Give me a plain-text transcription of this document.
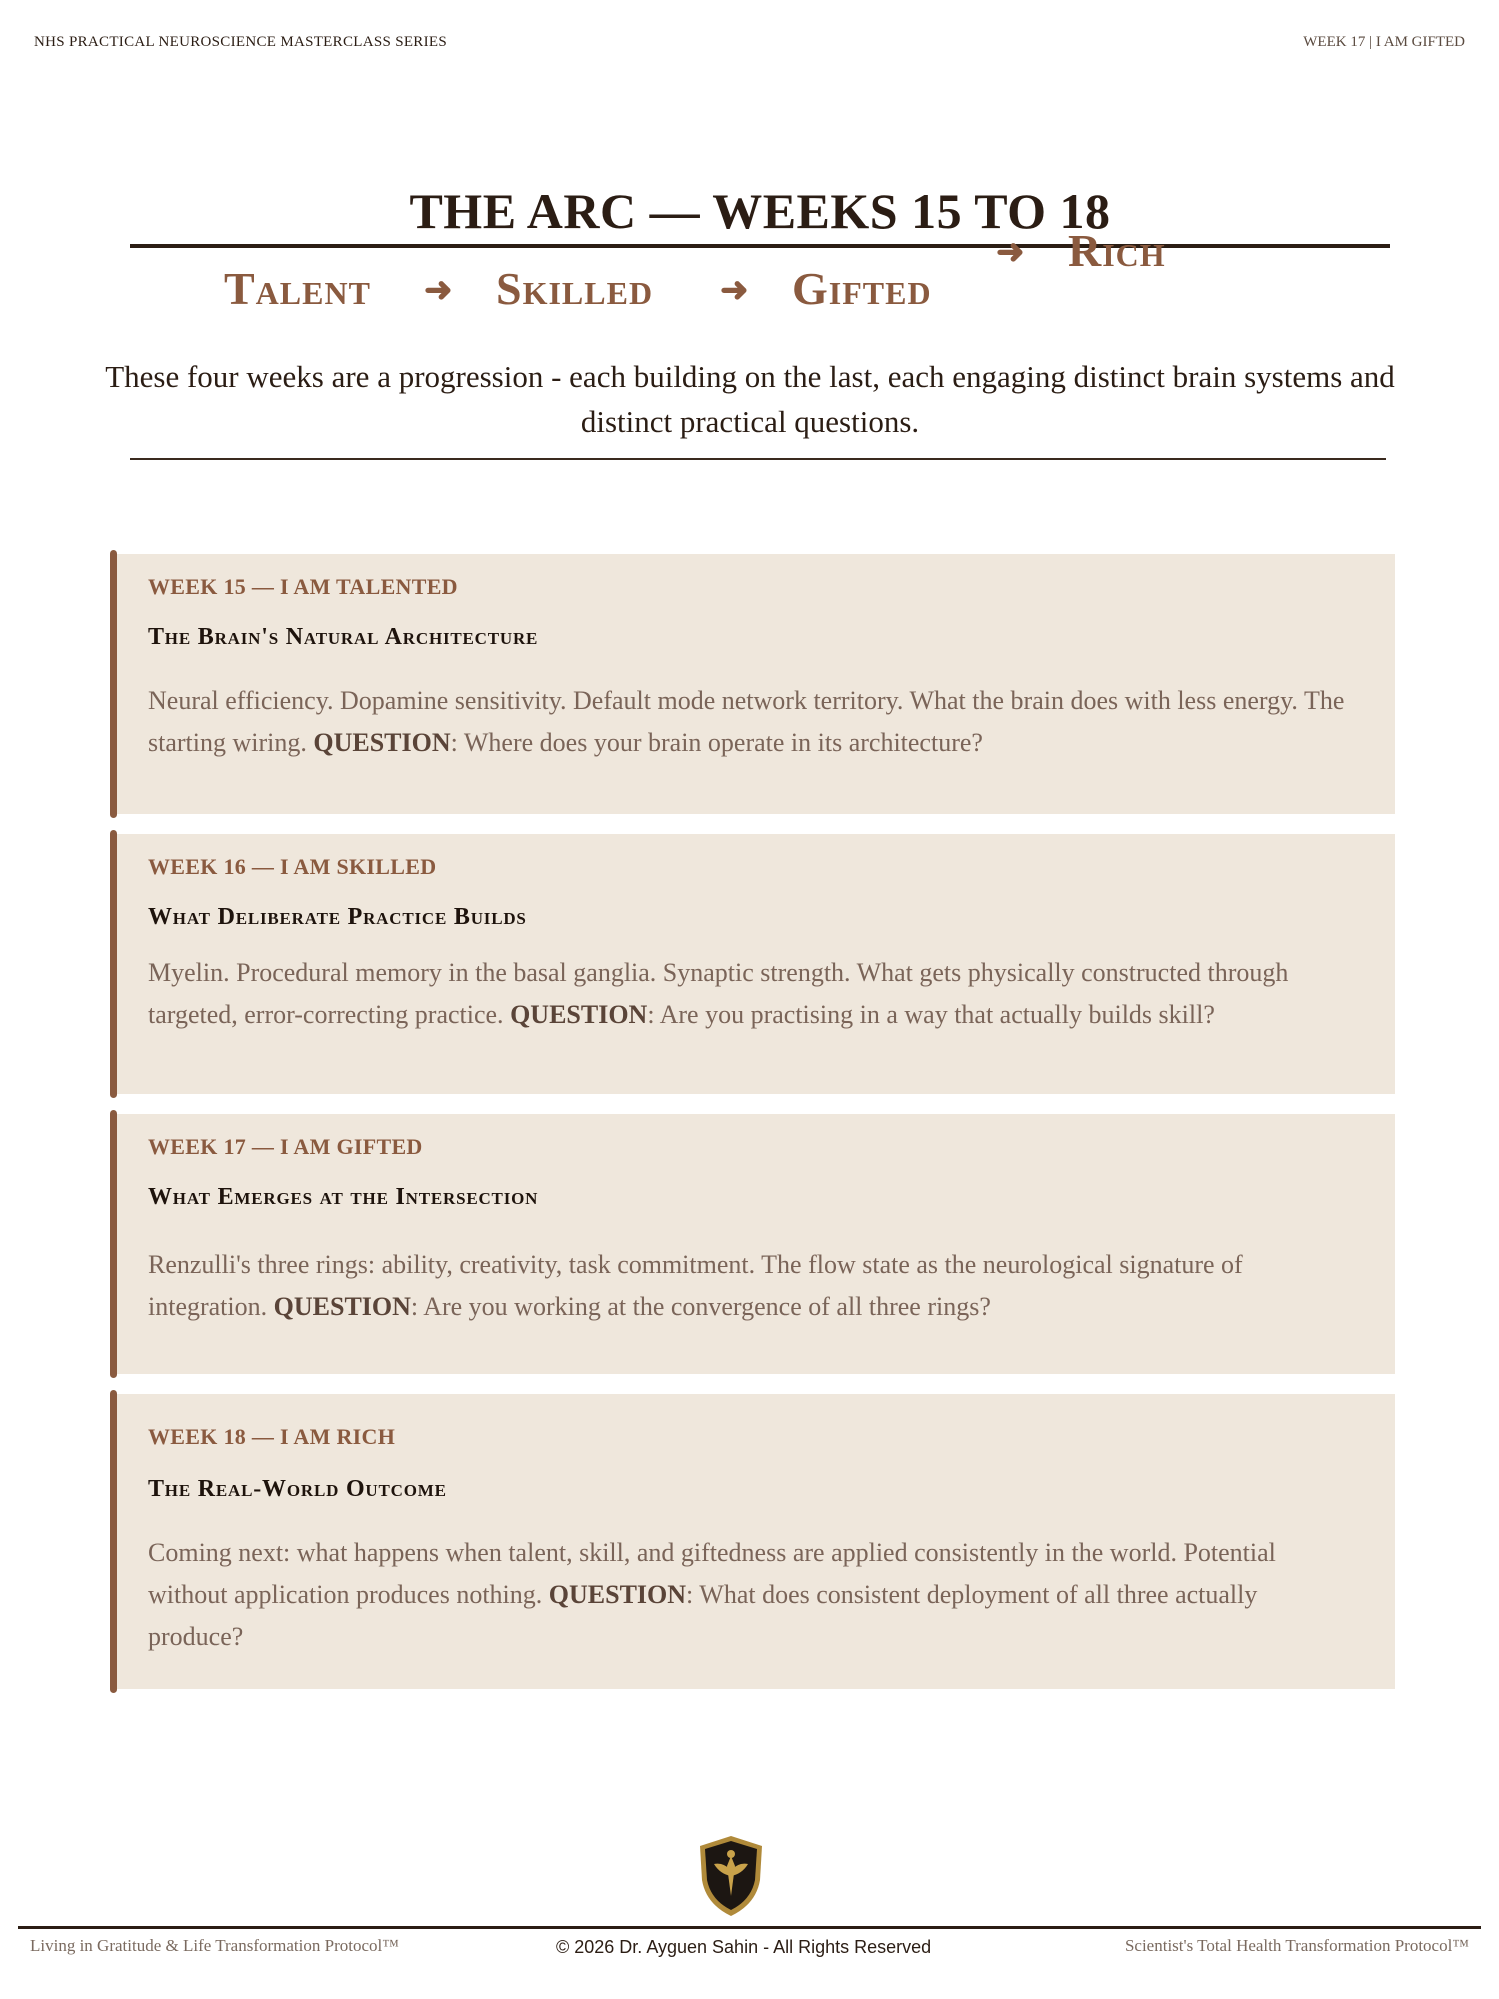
NHS PRACTICAL NEUROSCIENCE MASTERCLASS SERIES	WEEK 17 | I AM GIFTED
THE ARC — WEEKS 15 TO 18
Talent ➜ Skilled ➜ Gifted
➜ Rich
These four weeks are a progression - each building on the last, each engaging distinct brain systems and distinct practical questions.
WEEK 15 — I AM TALENTED
The Brain's Natural Architecture
Neural efficiency. Dopamine sensitivity. Default mode network territory. What the brain does with less energy. The starting wiring. QUESTION: Where does your brain operate in its architecture?
WEEK 16 — I AM SKILLED
What Deliberate Practice Builds
Myelin. Procedural memory in the basal ganglia. Synaptic strength. What gets physically constructed through targeted, error-correcting practice. QUESTION: Are you practising in a way that actually builds skill?
WEEK 17 — I AM GIFTED
What Emerges at the Intersection
Renzulli's three rings: ability, creativity, task commitment. The flow state as the neurological signature of integration. QUESTION: Are you working at the convergence of all three rings?
WEEK 18 — I AM RICH
The Real-World Outcome
Coming next: what happens when talent, skill, and giftedness are applied consistently in the world. Potential without application produces nothing. QUESTION: What does consistent deployment of all three actually produce?
Living in Gratitude & Life Transformation Protocol™	© 2026 Dr. Ayguen Sahin - All Rights Reserved	Scientist's Total Health Transformation Protocol™
